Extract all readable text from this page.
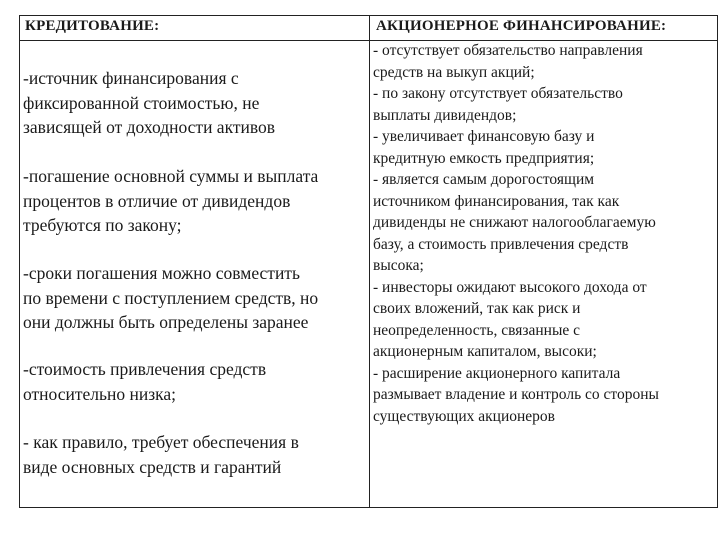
КРЕДИТОВАНИЕ:	АКЦИОНЕРНОЕ ФИНАНСИРОВАНИЕ:

-источник финансирования с
фиксированной стоимостью, не
зависящей от доходности активов

-погашение основной суммы и выплата
процентов в отличие от дивидендов
требуются по закону;

-сроки погашения можно совместить
по времени с поступлением средств, но
они должны быть определены заранее

-стоимость привлечения средств
относительно низка;

- как правило, требует обеспечения в
виде основных средств и гарантий

- отсутствует обязательство направления
средств на выкуп акций;
- по закону отсутствует обязательство
выплаты дивидендов;
- увеличивает финансовую базу и
кредитную емкость предприятия;
- является самым дорогостоящим
источником финансирования, так как
дивиденды не снижают налогооблагаемую
базу, а стоимость привлечения средств
высока;
- инвесторы ожидают высокого дохода от
своих вложений, так как риск и
неопределенность, связанные с
акционерным капиталом, высоки;
- расширение акционерного капитала
размывает владение и контроль со стороны
существующих акционеров
